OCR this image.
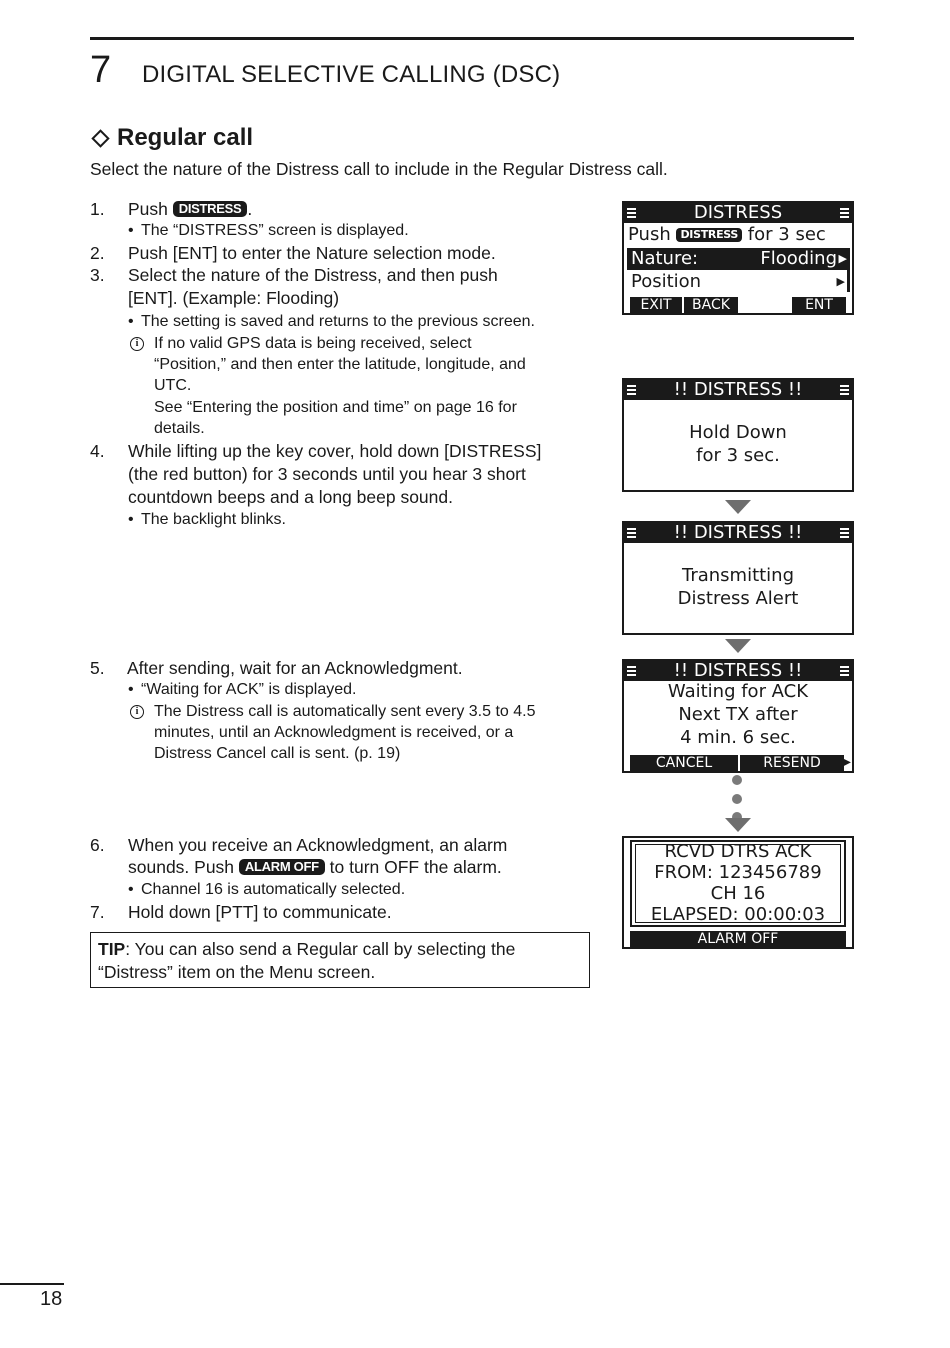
7 DIGITAL SELECTIVE CALLING (DSC)
Regular call
Select the nature of the Distress call to include in the Regular Distress call.
1. Push DISTRESS .
• The “DISTRESS” screen is displayed.
2. Push [ENT] to enter the Nature selection mode.
3. Select the nature of the Distress, and then push
[ENT]. (Example: Flooding)
• The setting is saved and returns to the previous screen.
i If no valid GPS data is being received, select
“Position,” and then enter the latitude, longitude, and
UTC.
See “Entering the position and time” on page 16 for
details.
4. While lifting up the key cover, hold down [DISTRESS]
(the red button) for 3 seconds until you hear 3 short
countdown beeps and a long beep sound.
• The backlight blinks.
5. After sending, wait for an Acknowledgment.
• “Waiting for ACK” is displayed.
i The Distress call is automatically sent every 3.5 to 4.5
minutes, until an Acknowledgment is received, or a
Distress Cancel call is sent. (p. 19)
6. When you receive an Acknowledgment, an alarm
sounds. Push ALARM OFF to turn OFF the alarm.
• Channel 16 is automatically selected.
7. Hold down [PTT] to communicate.
TIP: You can also send a Regular call by selecting the
“Distress” item on the Menu screen.
DISTRESS
Push DISTRESS for 3 sec
Nature:	Flooding ▶
Position	▶
EXIT	BACK	ENT
!! DISTRESS !!
Hold Down
for 3 sec.
!! DISTRESS !!
Transmitting
Distress Alert
!! DISTRESS !!
Waiting for ACK
Next TX after
4 min. 6 sec.
CANCEL	RESEND	▶
RCVD DTRS ACK
FROM: 123456789
CH 16
ELAPSED: 00:00:03
ALARM OFF
18
